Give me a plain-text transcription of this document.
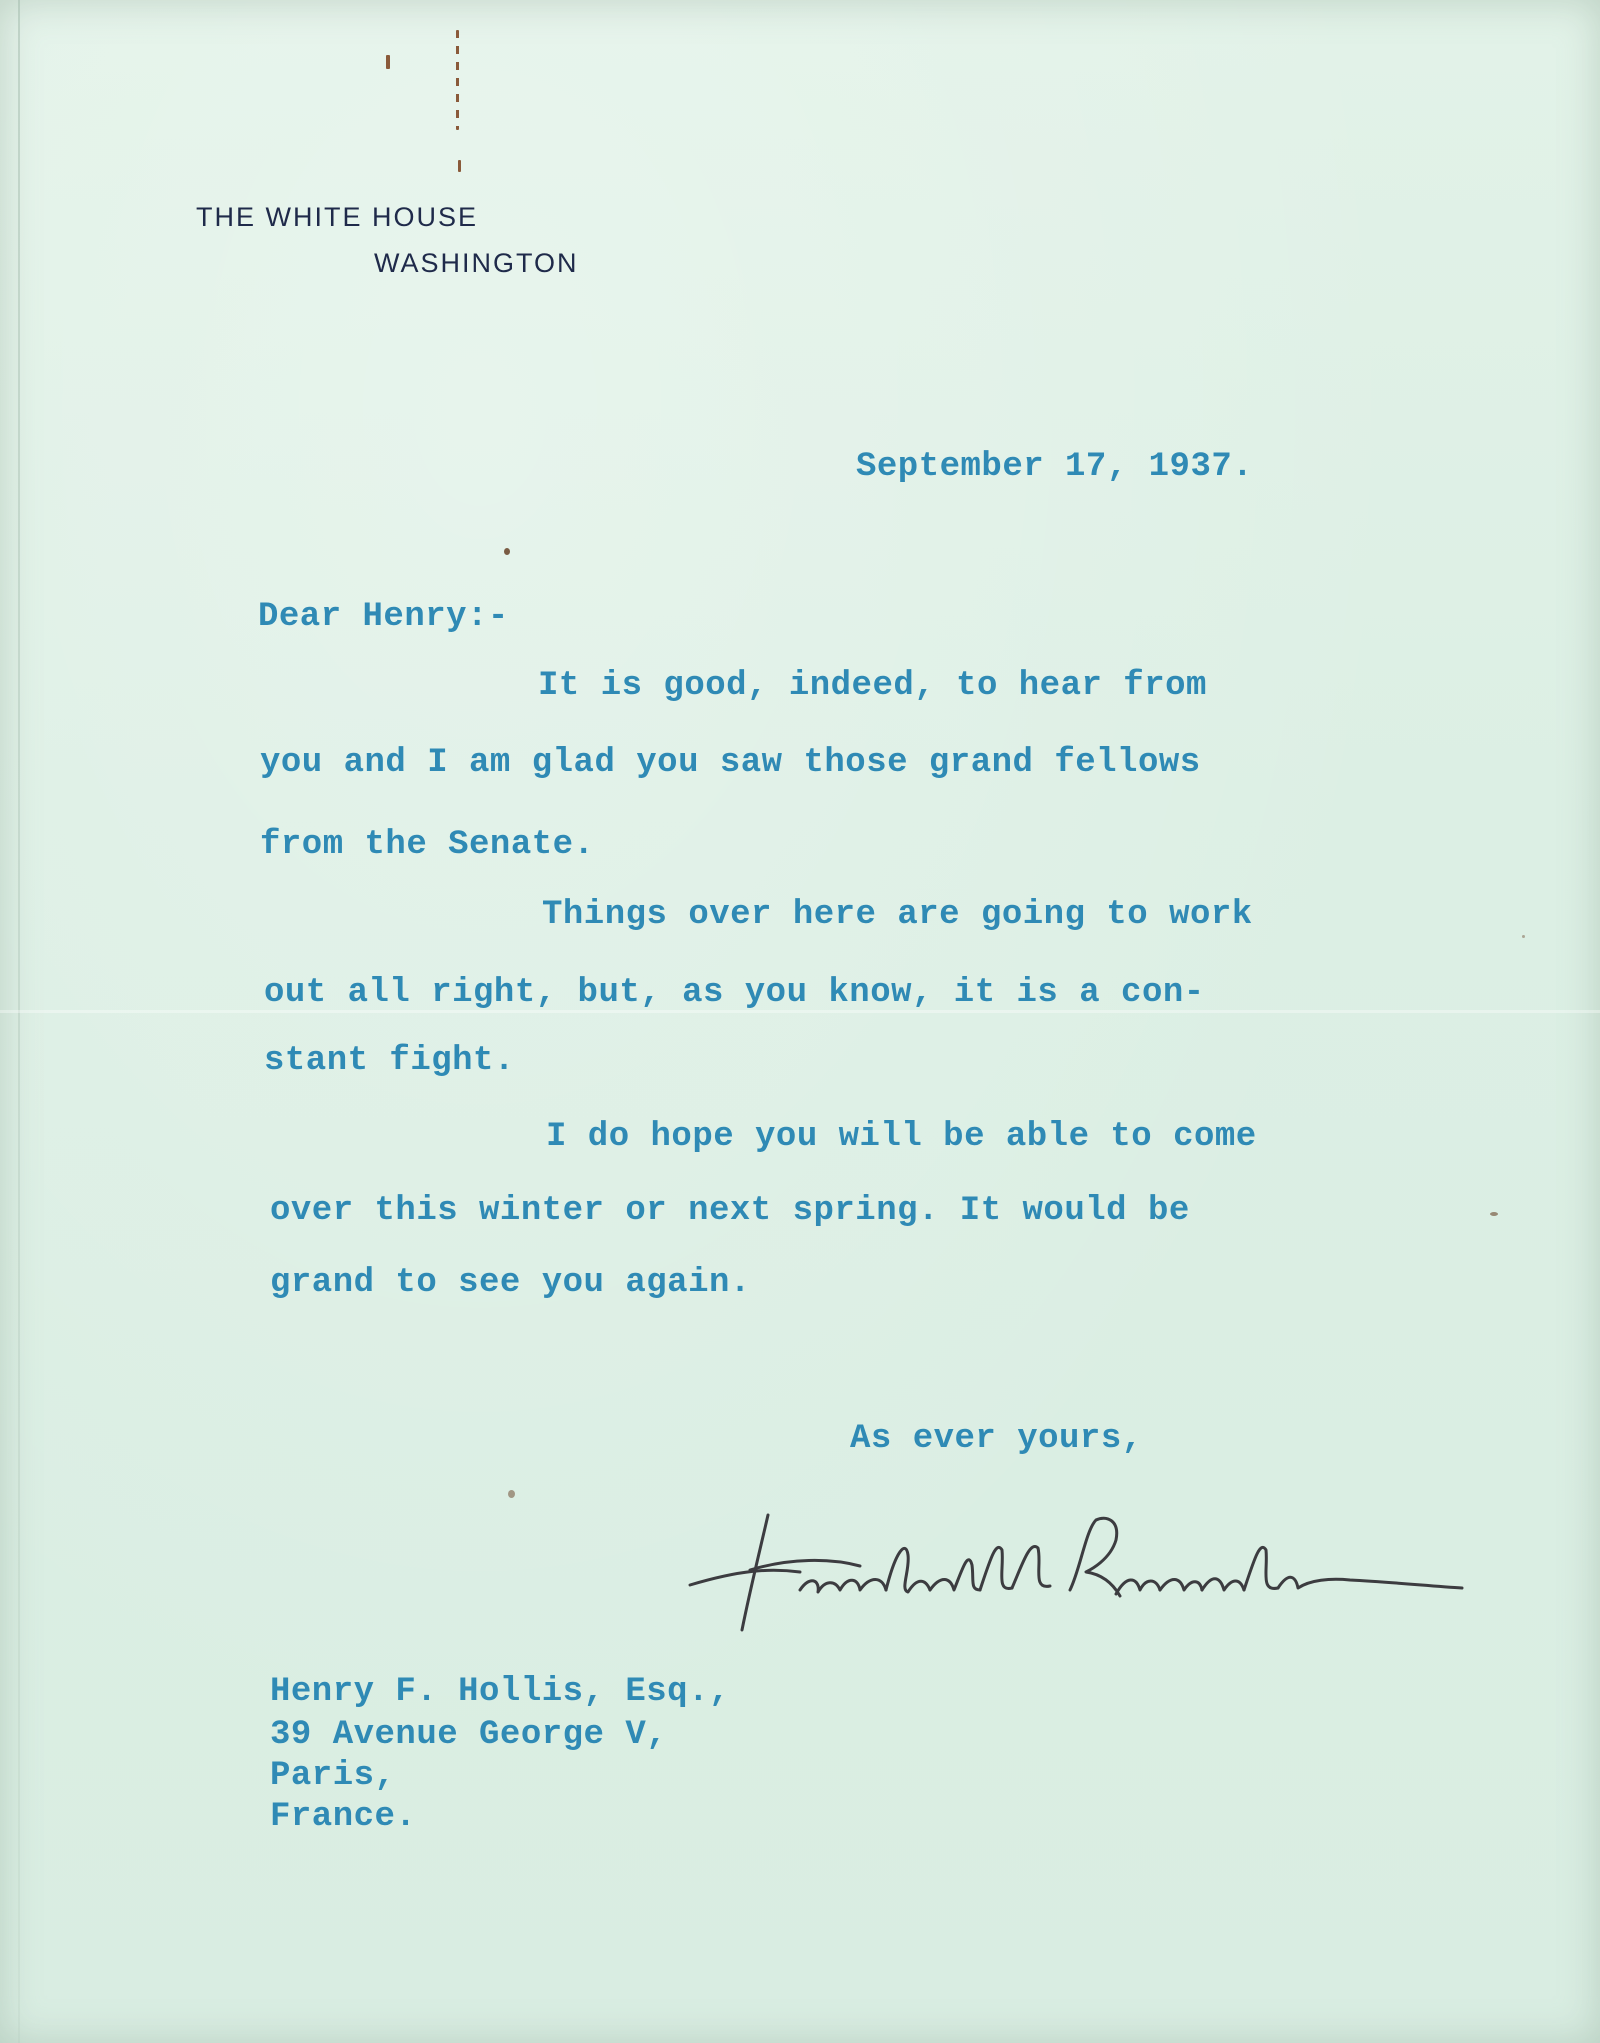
THE WHITE HOUSE
WASHINGTON
September 17, 1937.
Dear Henry:-
It is good, indeed, to hear from
you and I am glad you saw those grand fellows
from the Senate.
Things over here are going to work
out all right, but, as you know, it is a con-
stant fight.
I do hope you will be able to come
over this winter or next spring. It would be
grand to see you again.
As ever yours,
Henry F. Hollis, Esq.,
39 Avenue George V,
Paris,
France.
